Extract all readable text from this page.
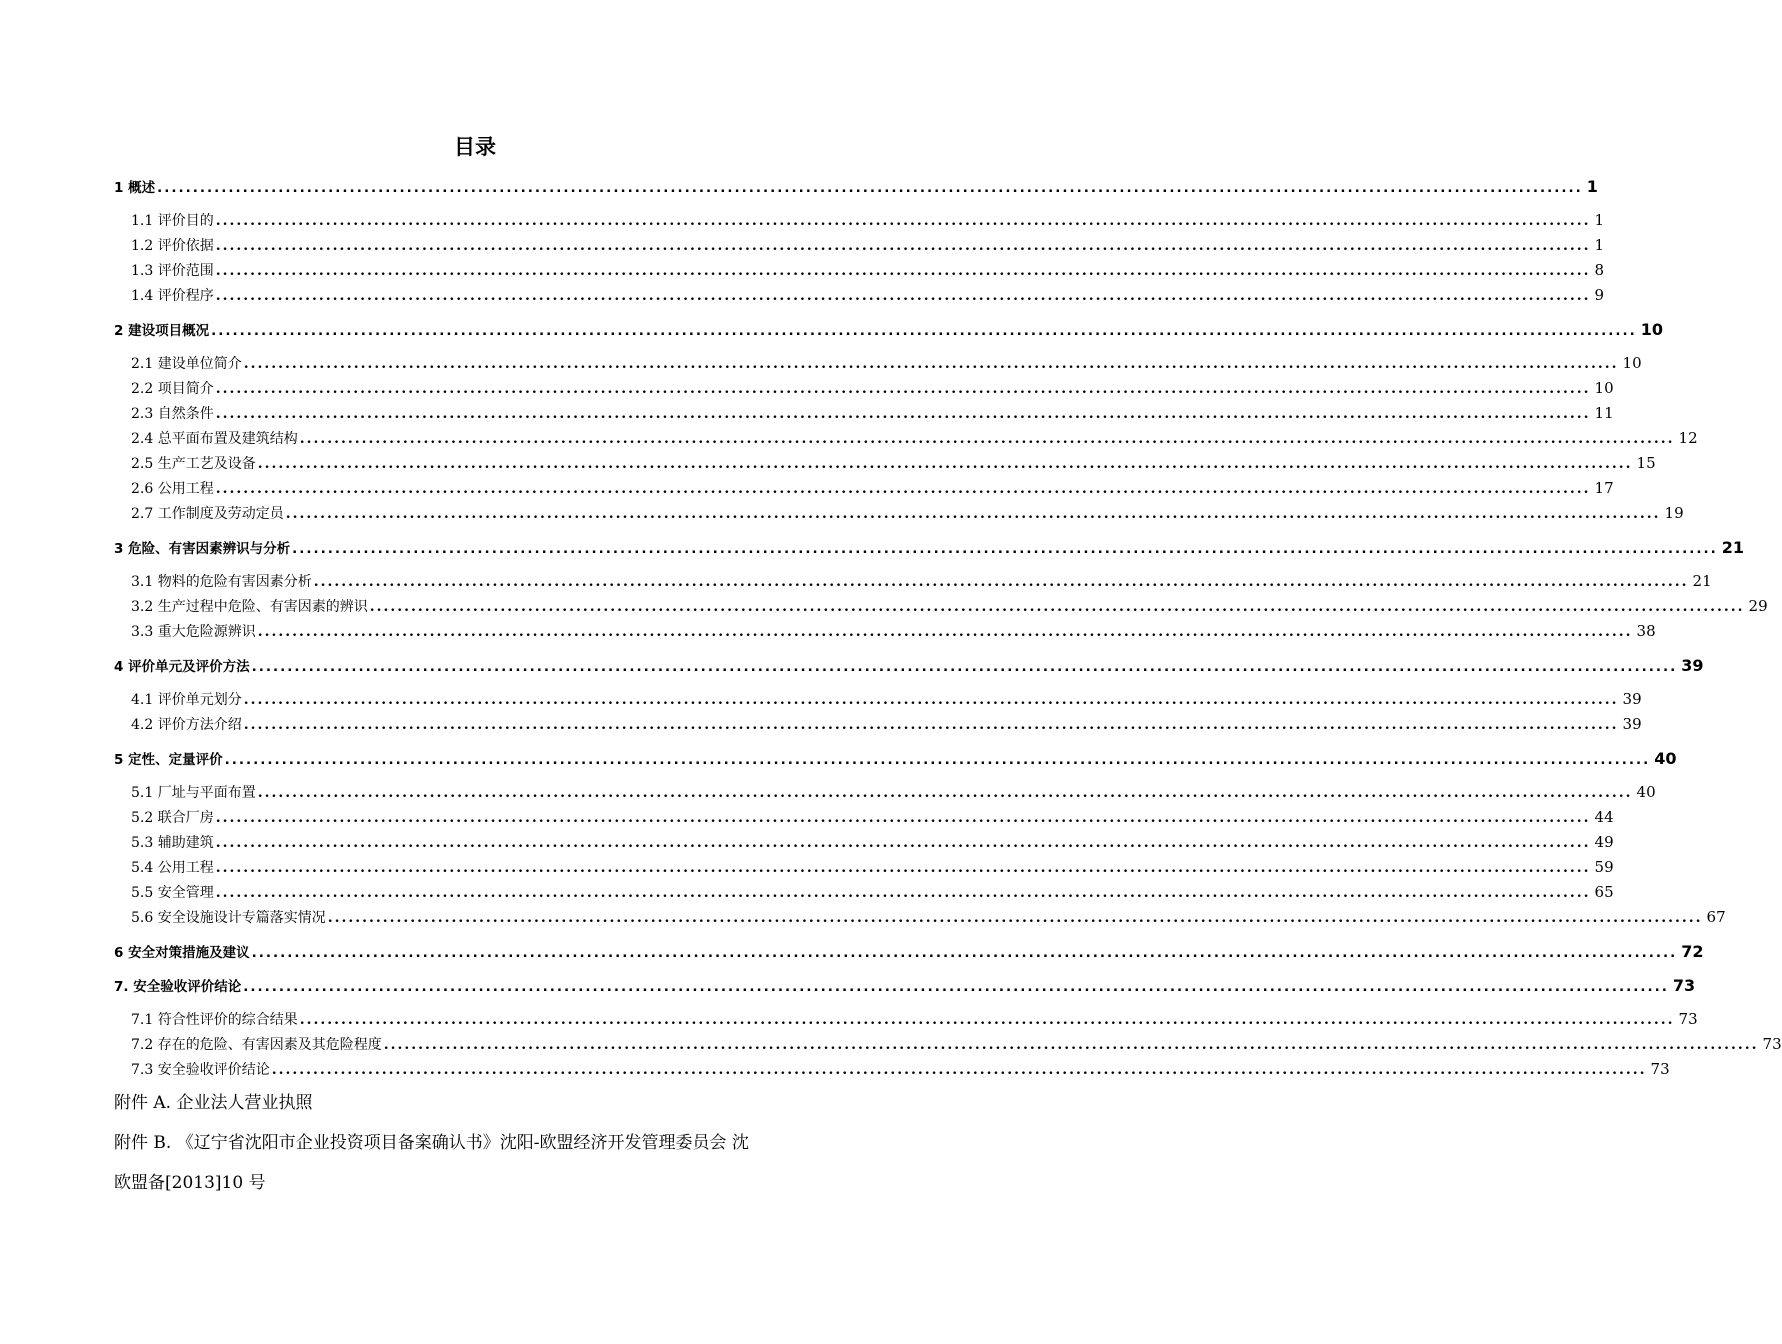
目录
1 概述 ........................................................................................................................................................................................................ 1
1.1 评价目的 ........................................................................................................................................................................................................ 1
1.2 评价依据 ........................................................................................................................................................................................................ 1
1.3 评价范围 ........................................................................................................................................................................................................ 8
1.4 评价程序 ........................................................................................................................................................................................................ 9
2 建设项目概况 ........................................................................................................................................................................................................ 10
2.1 建设单位简介 ........................................................................................................................................................................................................ 10
2.2 项目简介 ........................................................................................................................................................................................................ 10
2.3 自然条件 ........................................................................................................................................................................................................ 11
2.4 总平面布置及建筑结构 ........................................................................................................................................................................................................ 12
2.5 生产工艺及设备 ........................................................................................................................................................................................................ 15
2.6 公用工程 ........................................................................................................................................................................................................ 17
2.7 工作制度及劳动定员 ........................................................................................................................................................................................................ 19
3 危险、有害因素辨识与分析 ........................................................................................................................................................................................................ 21
3.1 物料的危险有害因素分析 ........................................................................................................................................................................................................ 21
3.2 生产过程中危险、有害因素的辨识 ........................................................................................................................................................................................................ 29
3.3 重大危险源辨识 ........................................................................................................................................................................................................ 38
4 评价单元及评价方法 ........................................................................................................................................................................................................ 39
4.1 评价单元划分 ........................................................................................................................................................................................................ 39
4.2 评价方法介绍 ........................................................................................................................................................................................................ 39
5 定性、定量评价 ........................................................................................................................................................................................................ 40
5.1 厂址与平面布置 ........................................................................................................................................................................................................ 40
5.2 联合厂房 ........................................................................................................................................................................................................ 44
5.3 辅助建筑 ........................................................................................................................................................................................................ 49
5.4 公用工程 ........................................................................................................................................................................................................ 59
5.5 安全管理 ........................................................................................................................................................................................................ 65
5.6 安全设施设计专篇落实情况 ........................................................................................................................................................................................................ 67
6 安全对策措施及建议 ........................................................................................................................................................................................................ 72
7. 安全验收评价结论 ........................................................................................................................................................................................................ 73
7.1 符合性评价的综合结果 ........................................................................................................................................................................................................ 73
7.2 存在的危险、有害因素及其危险程度 ........................................................................................................................................................................................................ 73
7.3 安全验收评价结论 ........................................................................................................................................................................................................ 73
附件 A. 企业法人营业执照
附件 B. 《辽宁省沈阳市企业投资项目备案确认书》沈阳-欧盟经济开发管理委员会 沈
欧盟备[2013]10 号
